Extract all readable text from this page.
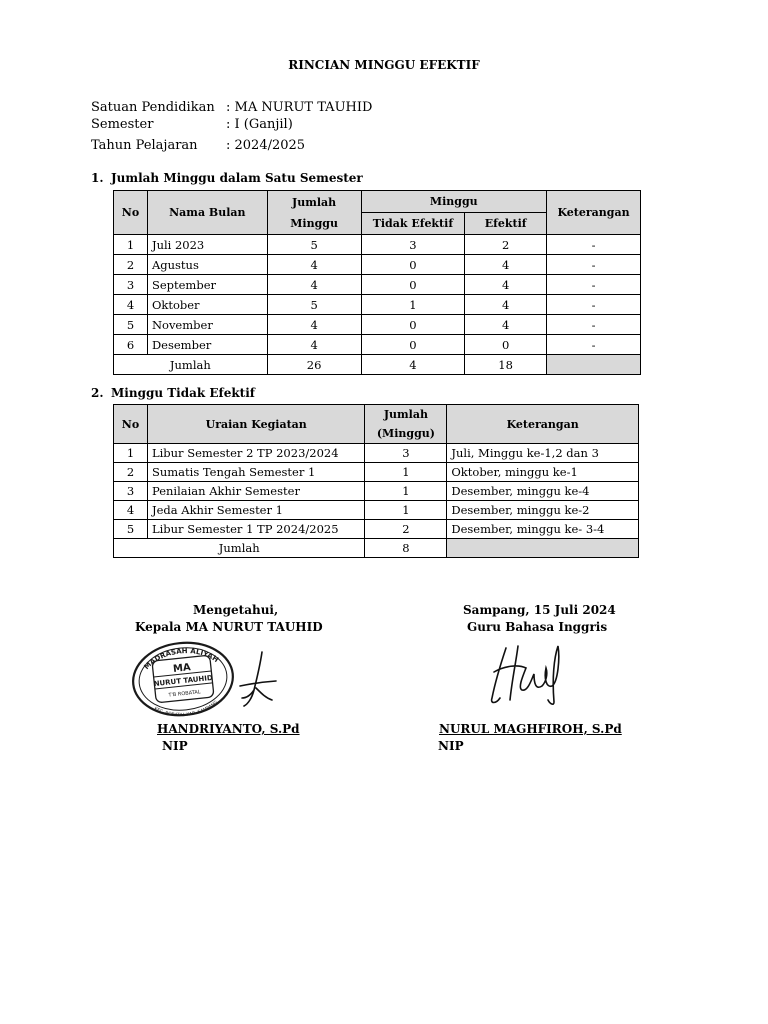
RINCIAN MINGGU EFEKTIF
Satuan Pendidikan : MA NURUT TAUHID
Semester	: I (Ganjil)
Tahun Pelajaran : 2024/2025
1. Jumlah Minggu dalam Satu Semester
No	Nama Bulan	Jumlah Minggu	Minggu		Keterangan
			Tidak Efektif	Efektif	
1	Juli 2023	5	3	2	-
2	Agustus	4	0	4	-
3	September	4	0	4	-
4	Oktober	5	1	4	-
5	November	4	0	4	-
6	Desember	4	0	0	-
Jumlah		26	4	18	
2. Minggu Tidak Efektif
No	Uraian Kegiatan	Jumlah
(Minggu)	Keterangan
1	Libur Semester 2 TP 2023/2024	3	Juli, Minggu ke-1,2 dan 3
2	Sumatis Tengah Semester 1	1	Oktober, minggu ke-1
3	Penilaian Akhir Semester	1	Desember, minggu ke-4
4	Jeda Akhir Semester 1	1	Desember, minggu ke-2
5	Libur Semester 1 TP 2024/2025	2	Desember, minggu ke- 3-4
Jumlah		8	
Mengetahui,
Kepala MA NURUT TAUHID
MADRASAH ALIYAH
MA
NURUT TAUHID
T'B ROBATAL
KEC. ROBATAL KAB. SAMPANG
HANDRIYANTO, S.Pd
NIP
Sampang, 15 Juli 2024
Guru Bahasa Inggris
NURUL MAGHFIROH, S.Pd
NIP
